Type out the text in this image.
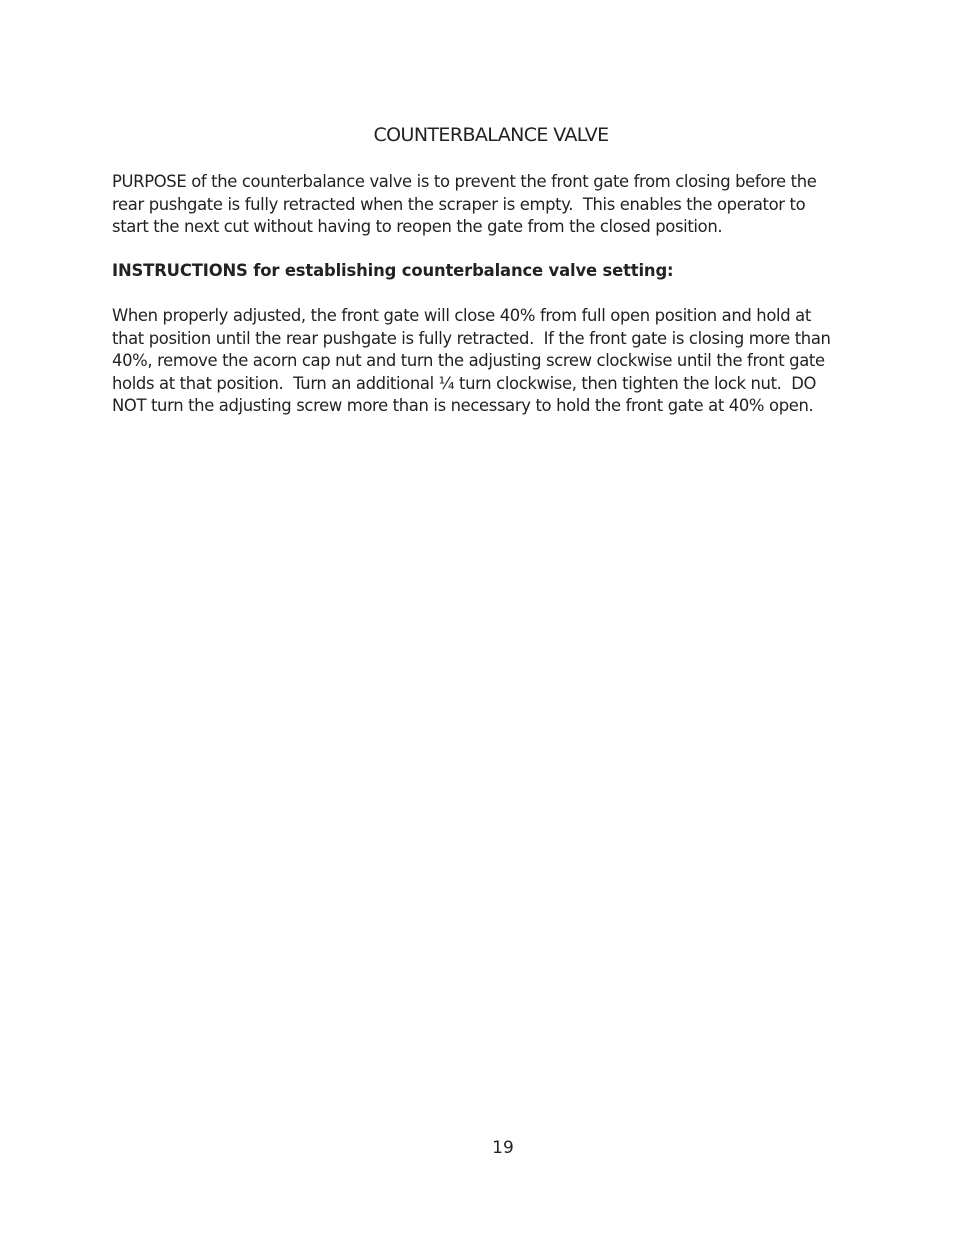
COUNTERBALANCE VALVE

PURPOSE of the counterbalance valve is to prevent the front gate from closing before the
rear pushgate is fully retracted when the scraper is empty.  This enables the operator to
start the next cut without having to reopen the gate from the closed position.

INSTRUCTIONS for establishing counterbalance valve setting:

When properly adjusted, the front gate will close 40% from full open position and hold at
that position until the rear pushgate is fully retracted.  If the front gate is closing more than
40%, remove the acorn cap nut and turn the adjusting screw clockwise until the front gate
holds at that position.  Turn an additional ¼ turn clockwise, then tighten the lock nut.  DO
NOT turn the adjusting screw more than is necessary to hold the front gate at 40% open.

19
